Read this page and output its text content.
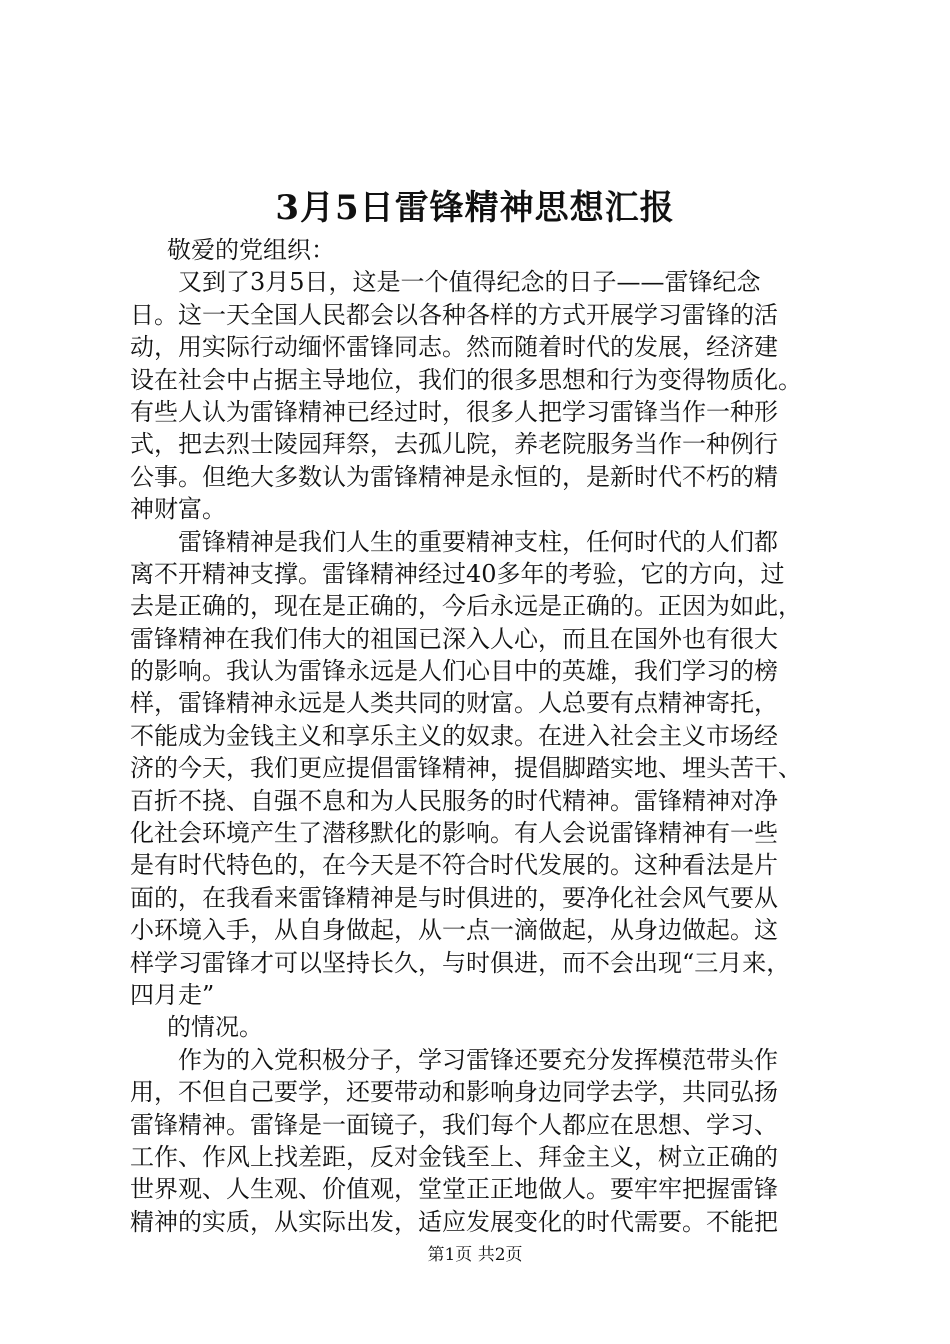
3月5日雷锋精神思想汇报
敬爱的党组织：
又到了3月5日，这是一个值得纪念的日子——雷锋纪念
日。这一天全国人民都会以各种各样的方式开展学习雷锋的活
动，用实际行动缅怀雷锋同志。然而随着时代的发展，经济建
设在社会中占据主导地位，我们的很多思想和行为变得物质化。
有些人认为雷锋精神已经过时，很多人把学习雷锋当作一种形
式，把去烈士陵园拜祭，去孤儿院，养老院服务当作一种例行
公事。但绝大多数认为雷锋精神是永恒的，是新时代不朽的精
神财富。
雷锋精神是我们人生的重要精神支柱，任何时代的人们都
离不开精神支撑。雷锋精神经过40多年的考验，它的方向，过
去是正确的，现在是正确的，今后永远是正确的。正因为如此，
雷锋精神在我们伟大的祖国已深入人心，而且在国外也有很大
的影响。我认为雷锋永远是人们心目中的英雄，我们学习的榜
样，雷锋精神永远是人类共同的财富。人总要有点精神寄托，
不能成为金钱主义和享乐主义的奴隶。在进入社会主义市场经
济的今天，我们更应提倡雷锋精神，提倡脚踏实地、埋头苦干、
百折不挠、自强不息和为人民服务的时代精神。雷锋精神对净
化社会环境产生了潜移默化的影响。有人会说雷锋精神有一些
是有时代特色的，在今天是不符合时代发展的。这种看法是片
面的，在我看来雷锋精神是与时俱进的，要净化社会风气要从
小环境入手，从自身做起，从一点一滴做起，从身边做起。这
样学习雷锋才可以坚持长久，与时俱进，而不会出现“三月来，
四月走”
的情况。
作为的入党积极分子，学习雷锋还要充分发挥模范带头作
用，不但自己要学，还要带动和影响身边同学去学，共同弘扬
雷锋精神。雷锋是一面镜子，我们每个人都应在思想、学习、
工作、作风上找差距，反对金钱至上、拜金主义，树立正确的
世界观、人生观、价值观，堂堂正正地做人。要牢牢把握雷锋
精神的实质，从实际出发，适应发展变化的时代需要。不能把
第1页 共2页
